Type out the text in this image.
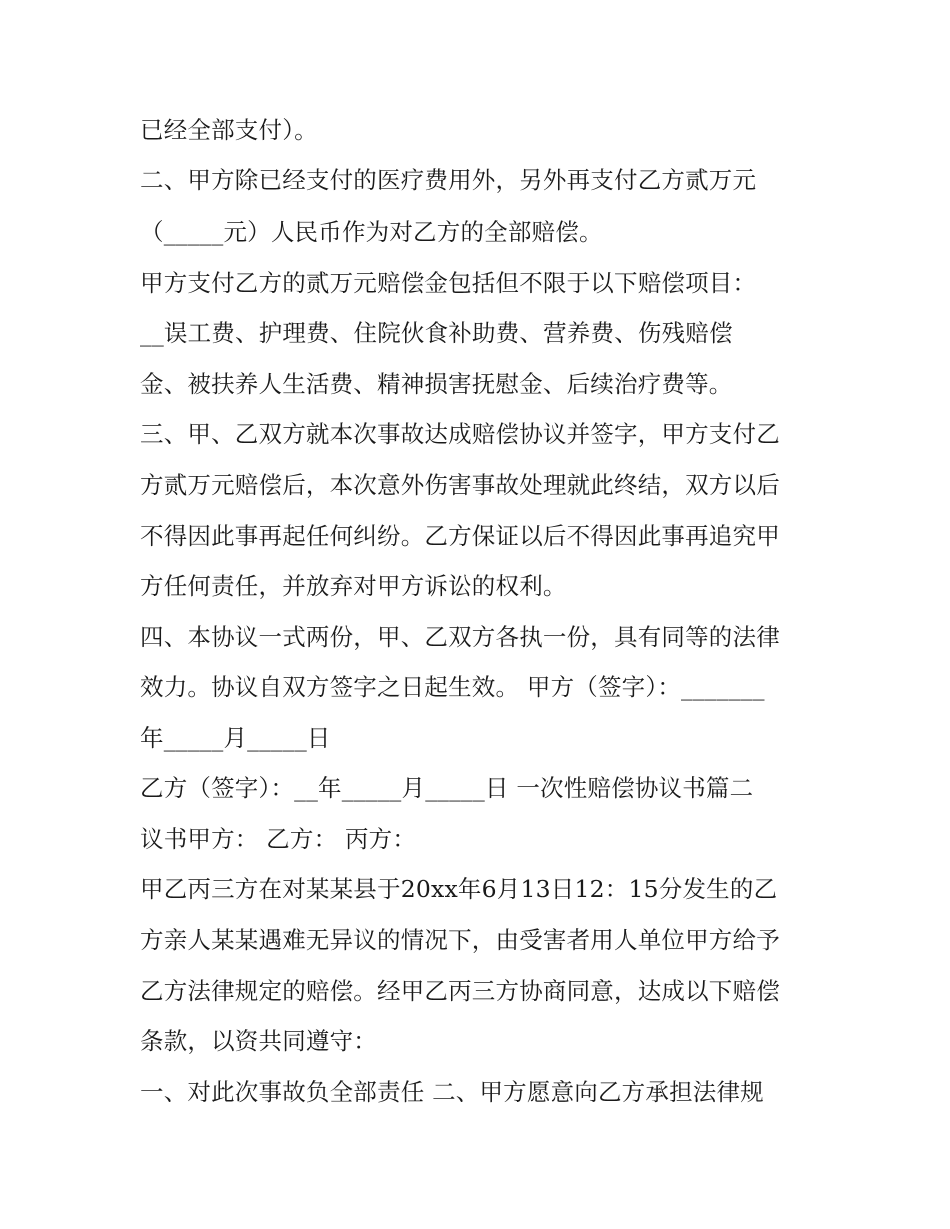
已经全部支付）。
二、甲方除已经支付的医疗费用外，另外再支付乙方贰万元
（_____元）人民币作为对乙方的全部赔偿。
甲方支付乙方的贰万元赔偿金包括但不限于以下赔偿项目：
__误工费、护理费、住院伙食补助费、营养费、伤残赔偿
金、被扶养人生活费、精神损害抚慰金、后续治疗费等。
三、甲、乙双方就本次事故达成赔偿协议并签字，甲方支付乙
方贰万元赔偿后，本次意外伤害事故处理就此终结，双方以后
不得因此事再起任何纠纷。乙方保证以后不得因此事再追究甲
方任何责任，并放弃对甲方诉讼的权利。
四、本协议一式两份，甲、乙双方各执一份，具有同等的法律
效力。协议自双方签字之日起生效。 甲方（签字）：_______
年_____月_____日
乙方（签字）：__年_____月_____日 一次性赔偿协议书篇二
议书甲方： 乙方： 丙方：
甲乙丙三方在对某某县于20xx年6月13日12：15分发生的乙
方亲人某某遇难无异议的情况下，由受害者用人单位甲方给予
乙方法律规定的赔偿。经甲乙丙三方协商同意，达成以下赔偿
条款，以资共同遵守：
一、对此次事故负全部责任 二、甲方愿意向乙方承担法律规
